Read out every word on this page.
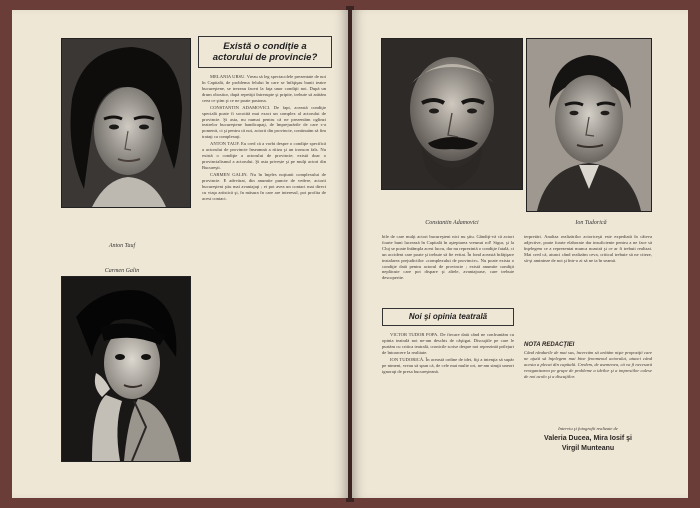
Anton Tauf
Carmen Galin
Există o condiţie a actorului de provincie?

MELANIA URSU. Vreau să leg spectacolele prezentate de noi în Capitală, de problema felului în care se înfăţişau bunii teatre bucureştene, se trezeau faceri la faţa unor condiţii noi. După un drum obositor, după repetiţii întrerupte şi pripite, trebuie să arătăm ceea ce ştim şi ce ne poate pasiona.

CONSTANTIN ADAMOVICI. De fapt, această condiţie specială poate fi socotită mai exact un complex al actorului de provincie. Şi asta, nu numai pentru că ne prezentăm oglinzi teatrelor bucureştene handicapaţi, de împrejurările de care s-a pomenit, ci şi pentru că noi, actorii din provincie, continuăm să fim trataţi ca complexaţi.

ANTON TAUF. Eu cred că a vorbi despre o condiţie specifică a actorului de provincie înseamnă a ritiza şi un tronson fals. Nu există o condiţie a actorului de provincie; există doar o provincialismul a actorului. Şi asta privește şi pe mulţi actori din Bucureşti.

CARMEN GALIN. Nu în înţeles noţiunii complexului de provincie. E adevărat, din anumite puncte de vedere, actorii bucureşteni ştiu mai avantajaţi ; ei pot avea un contact mai direct cu viaţa artistică şi, în măsura în care are interesul, pot profita de acest contact.

Constantin Adamovici	Ion Tudorică
bile de care mulţi actori bucureşteni nici nu ştiu. Gândiţi-vă că actori foarte buni lucrează în Capitală în aşteptarea vreunui rol! Sigur, şi la Cluj se poate întâmpla acest lucru, dar nu reprezintă o condiţie fatală, ci un accident care poate şi trebuie să fie evitat. În fond această înfăţişare instalarea prejudiciilor «complexului de provincie». Nu poate exista o condiţie dată pentru actorul de provincie ; există anumite condiţii neplăcute care pot dispare şi altele, avantajoase, care trebuie descoperite.
Noi şi opinia teatrală

VICTOR TUDOR POPA. De fiecare dată când ne confruntăm cu opinia teatrală noi ne-am deschis de câştigat. Discuţiile pe care le purtăm cu critica teatrală, cronicile scrise despre noi reprezintă prilejuri de întoarcere la realitate.

ION TUDORICĂ. În această ordine de idei, fiţi a intenţia să supăr pe nimeni, vreau să spun că, de cele mai multe ori, ne-am simţit uneori ignoraţi de presa bucureşteană.

terpretări. Analiza realizărilor actoriceşti este expediată în câteva adjective, poate foarte elaborate dar insuficiente pentru a ne face să înţelegem ce a reprezentat munca noastră şi ce ar fi trebuit realizat. Mai cred că, atunci când realizăm ceva, criticul trebuie să ne citeze, să-şi aminteze de noi şi într-o zi să ne ia în seamă.
NOTA REDACŢIEI
Când rândurile de mai sus, încercăm să arătăm nişte propoziţii care ne ajută să înţelegem mai bine fenomenul actorului, atunci când acesta a plecat din capitală. Credem, de asemenea, că va fi necesară reorganizarea pe grupe de probleme a ideilor şi a impresiilor culese de noi acolo şi a discuţiilor.
Interviu şi fotografii realizate de
Valeria Ducea, Mira Iosif şi
Virgil Munteanu
